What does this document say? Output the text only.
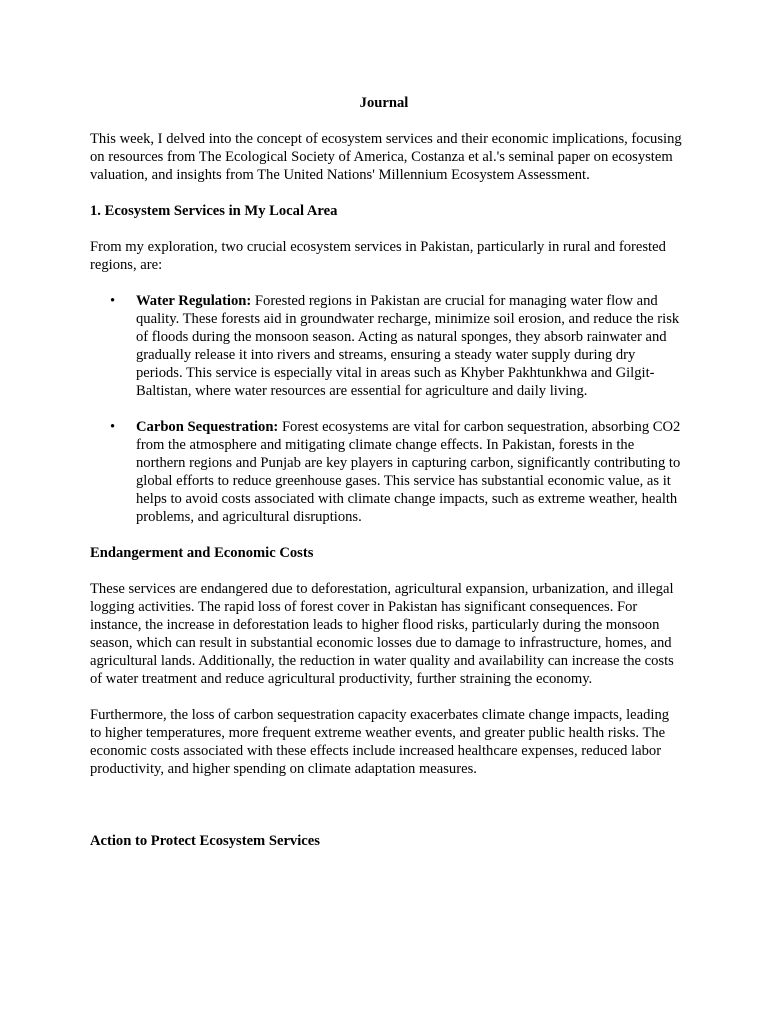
Journal

This week, I delved into the concept of ecosystem services and their economic implications, focusing on resources from The Ecological Society of America, Costanza et al.'s seminal paper on ecosystem valuation, and insights from The United Nations' Millennium Ecosystem Assessment.

1. Ecosystem Services in My Local Area

From my exploration, two crucial ecosystem services in Pakistan, particularly in rural and forested regions, are:

• Water Regulation: Forested regions in Pakistan are crucial for managing water flow and quality. These forests aid in groundwater recharge, minimize soil erosion, and reduce the risk of floods during the monsoon season. Acting as natural sponges, they absorb rainwater and gradually release it into rivers and streams, ensuring a steady water supply during dry periods. This service is especially vital in areas such as Khyber Pakhtunkhwa and Gilgit-Baltistan, where water resources are essential for agriculture and daily living.
• Carbon Sequestration: Forest ecosystems are vital for carbon sequestration, absorbing CO2 from the atmosphere and mitigating climate change effects. In Pakistan, forests in the northern regions and Punjab are key players in capturing carbon, significantly contributing to global efforts to reduce greenhouse gases. This service has substantial economic value, as it helps to avoid costs associated with climate change impacts, such as extreme weather, health problems, and agricultural disruptions.

Endangerment and Economic Costs

These services are endangered due to deforestation, agricultural expansion, urbanization, and illegal logging activities. The rapid loss of forest cover in Pakistan has significant consequences. For instance, the increase in deforestation leads to higher flood risks, particularly during the monsoon season, which can result in substantial economic losses due to damage to infrastructure, homes, and agricultural lands. Additionally, the reduction in water quality and availability can increase the costs of water treatment and reduce agricultural productivity, further straining the economy.

Furthermore, the loss of carbon sequestration capacity exacerbates climate change impacts, leading to higher temperatures, more frequent extreme weather events, and greater public health risks. The economic costs associated with these effects include increased healthcare expenses, reduced labor productivity, and higher spending on climate adaptation measures.

Action to Protect Ecosystem Services
